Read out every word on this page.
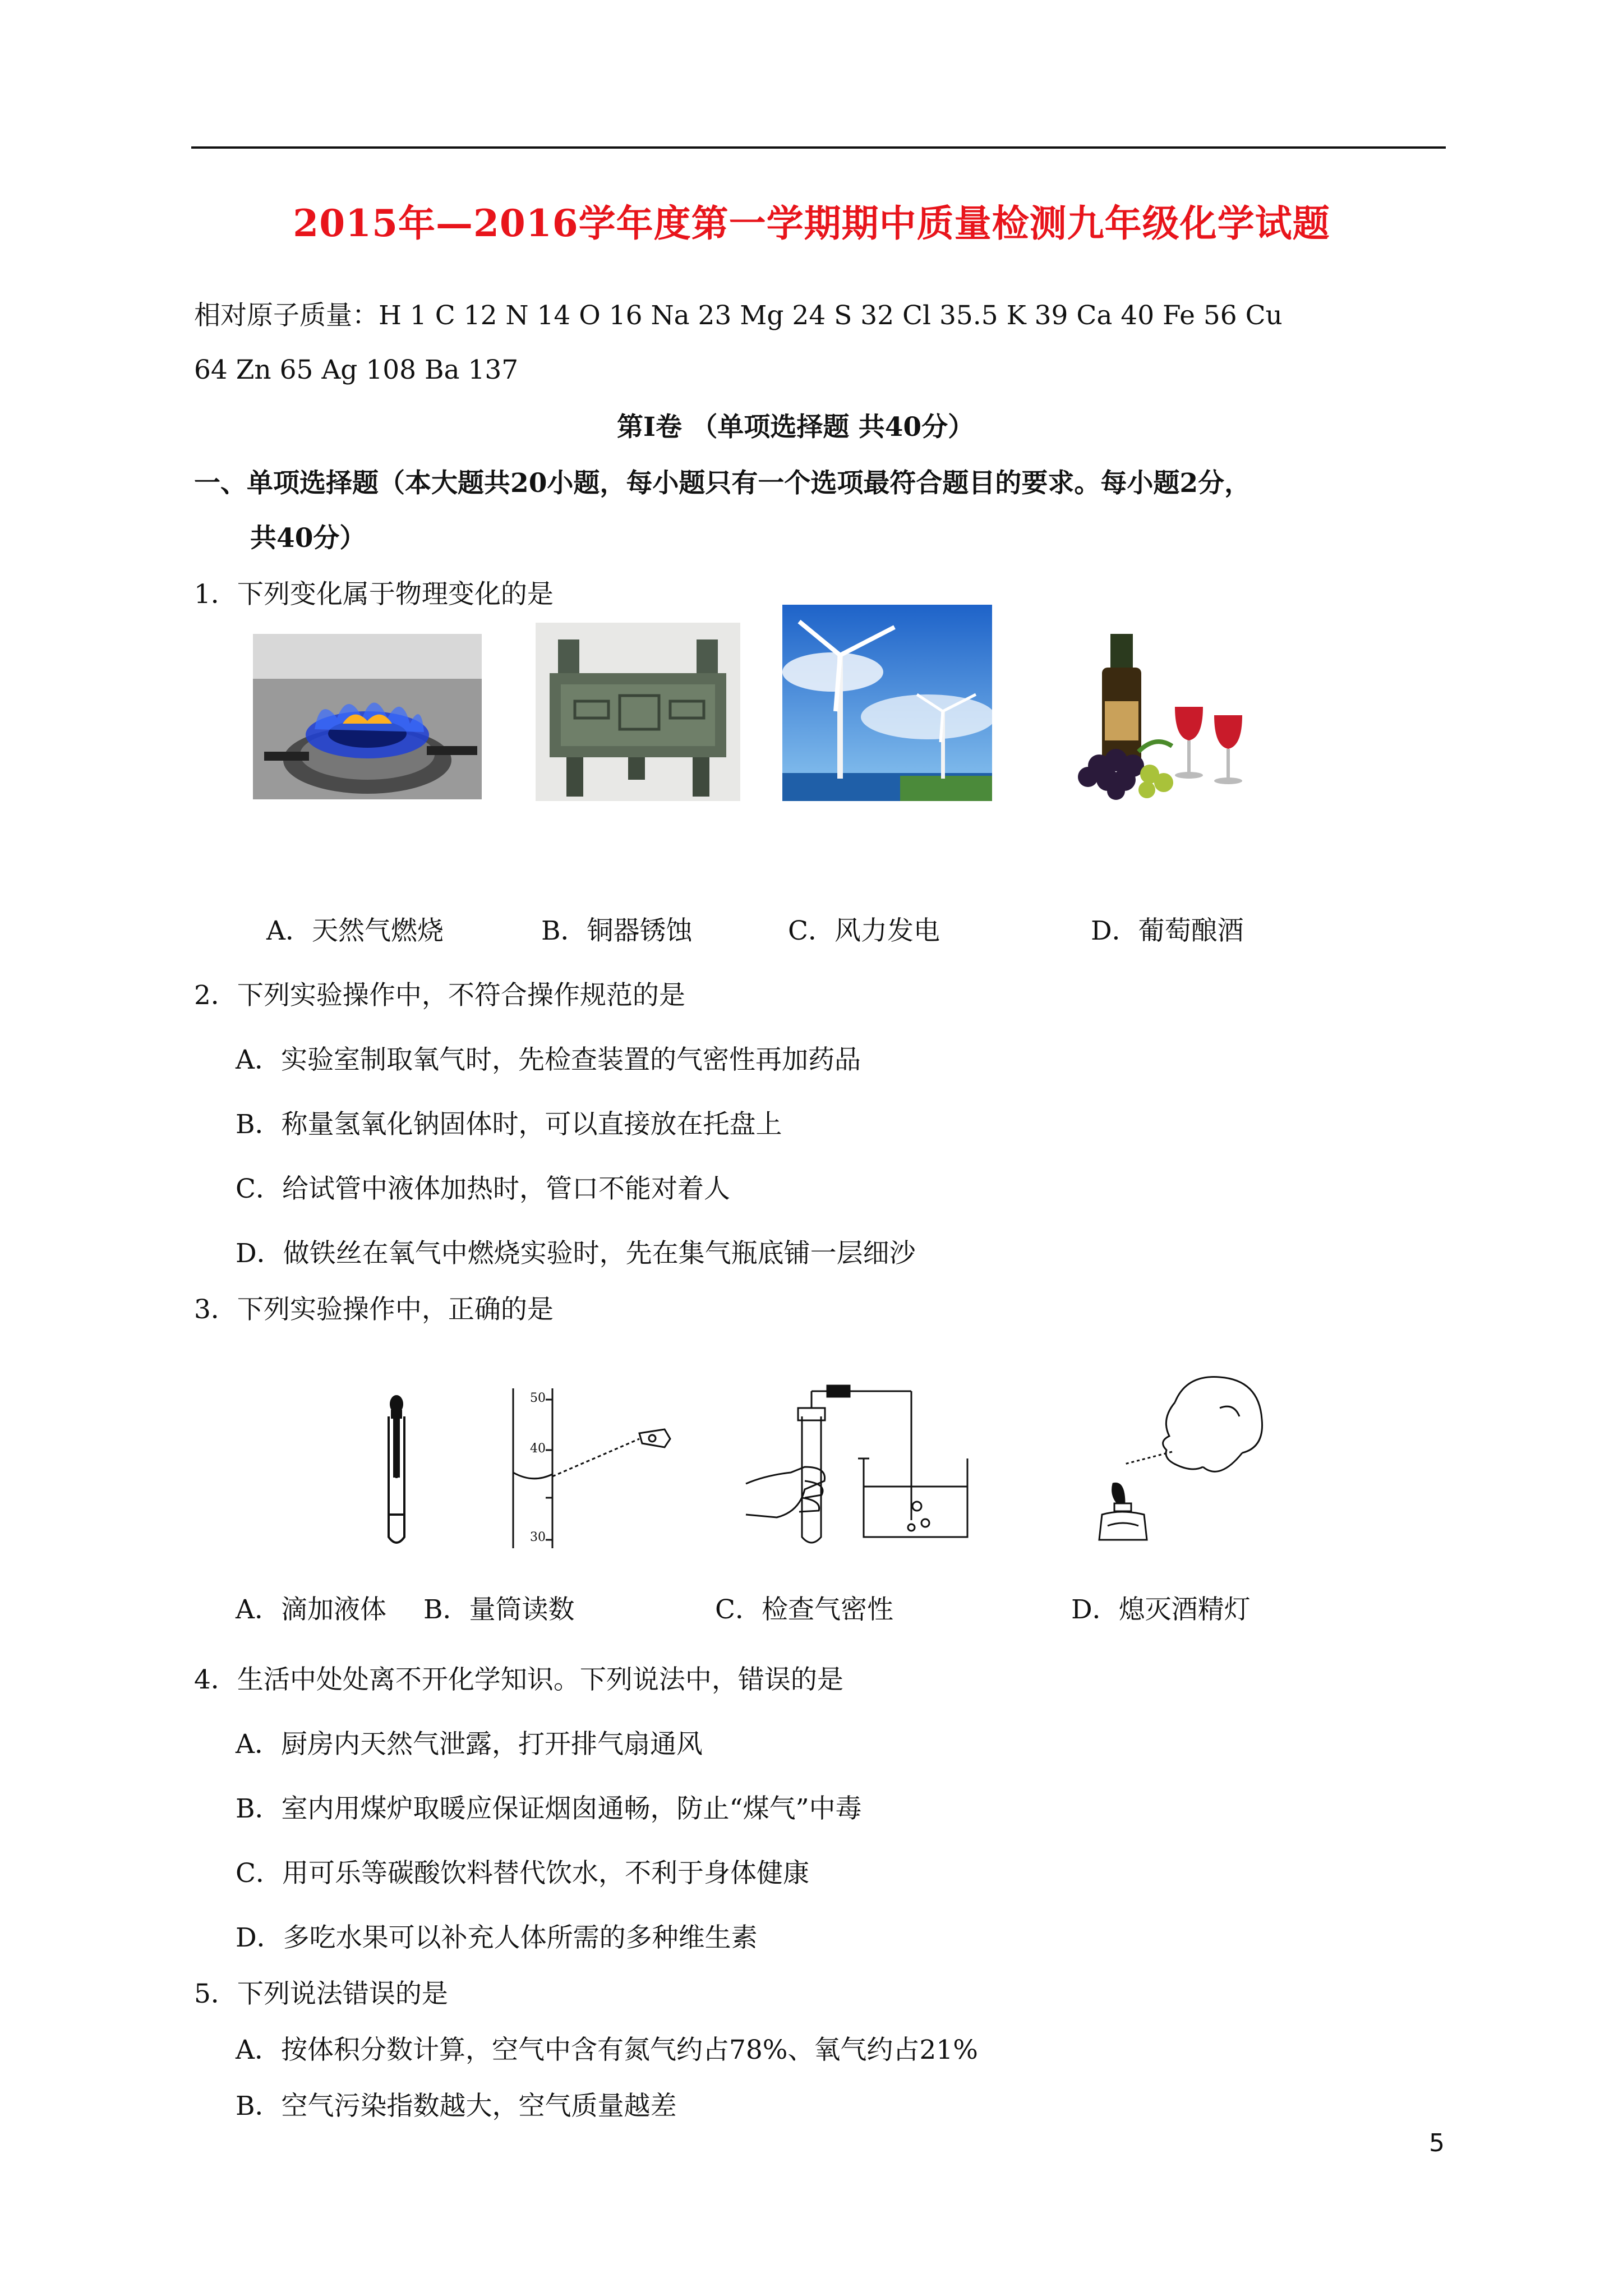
2015年—2016学年度第一学期期中质量检测九年级化学试题
相对原子质量：H 1 C 12 N 14 O 16 Na 23 Mg 24 S 32 Cl 35.5 K 39 Ca 40 Fe 56 Cu
64 Zn 65 Ag 108 Ba 137
第Ⅰ卷 （单项选择题 共40分）
一、单项选择题（本大题共20小题，每小题只有一个选项最符合题目的要求。每小题2分，
共40分）
1．下列变化属于物理变化的是
A．天然气燃烧	B．铜器锈蚀	C．风力发电	D．葡萄酿酒
2．下列实验操作中，不符合操作规范的是
A．实验室制取氧气时，先检查装置的气密性再加药品
B．称量氢氧化钠固体时，可以直接放在托盘上
C．给试管中液体加热时，管口不能对着人
D．做铁丝在氧气中燃烧实验时，先在集气瓶底铺一层细沙
3．下列实验操作中，正确的是
50
40
30
A．滴加液体 B．量筒读数	C．检查气密性	D．熄灭酒精灯
4．生活中处处离不开化学知识。下列说法中，错误的是
A．厨房内天然气泄露，打开排气扇通风
B．室内用煤炉取暖应保证烟囱通畅，防止“煤气”中毒
C．用可乐等碳酸饮料替代饮水，不利于身体健康
D．多吃水果可以补充人体所需的多种维生素
5．下列说法错误的是
A．按体积分数计算，空气中含有氮气约占78%、氧气约占21%
B．空气污染指数越大，空气质量越差
5
